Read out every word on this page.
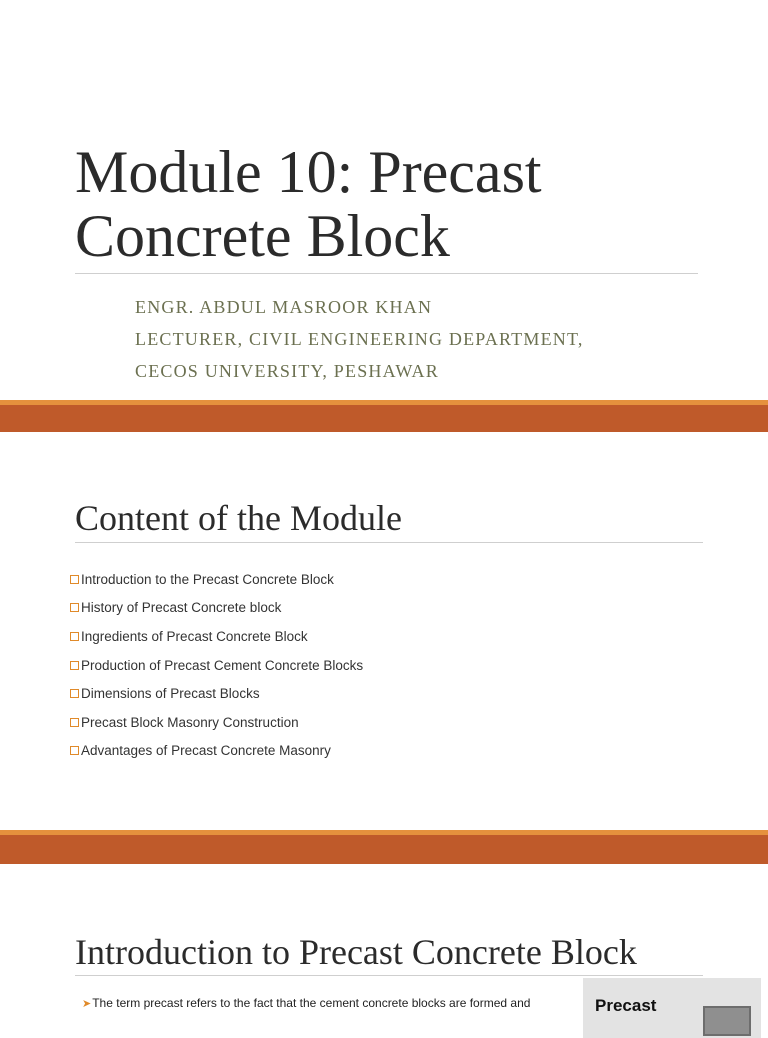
Module 10: Precast
Concrete Block
ENGR. ABDUL MASROOR KHAN
LECTURER, CIVIL ENGINEERING DEPARTMENT,
CECOS UNIVERSITY, PESHAWAR
Content of the Module
Introduction to the Precast Concrete Block
History of Precast Concrete block
Ingredients of Precast Concrete Block
Production of Precast Cement Concrete Blocks
Dimensions of Precast Blocks
Precast Block Masonry Construction
Advantages of Precast Concrete Masonry
Introduction to Precast Concrete Block
➤The term precast refers to the fact that the cement concrete blocks are formed and	Precast
